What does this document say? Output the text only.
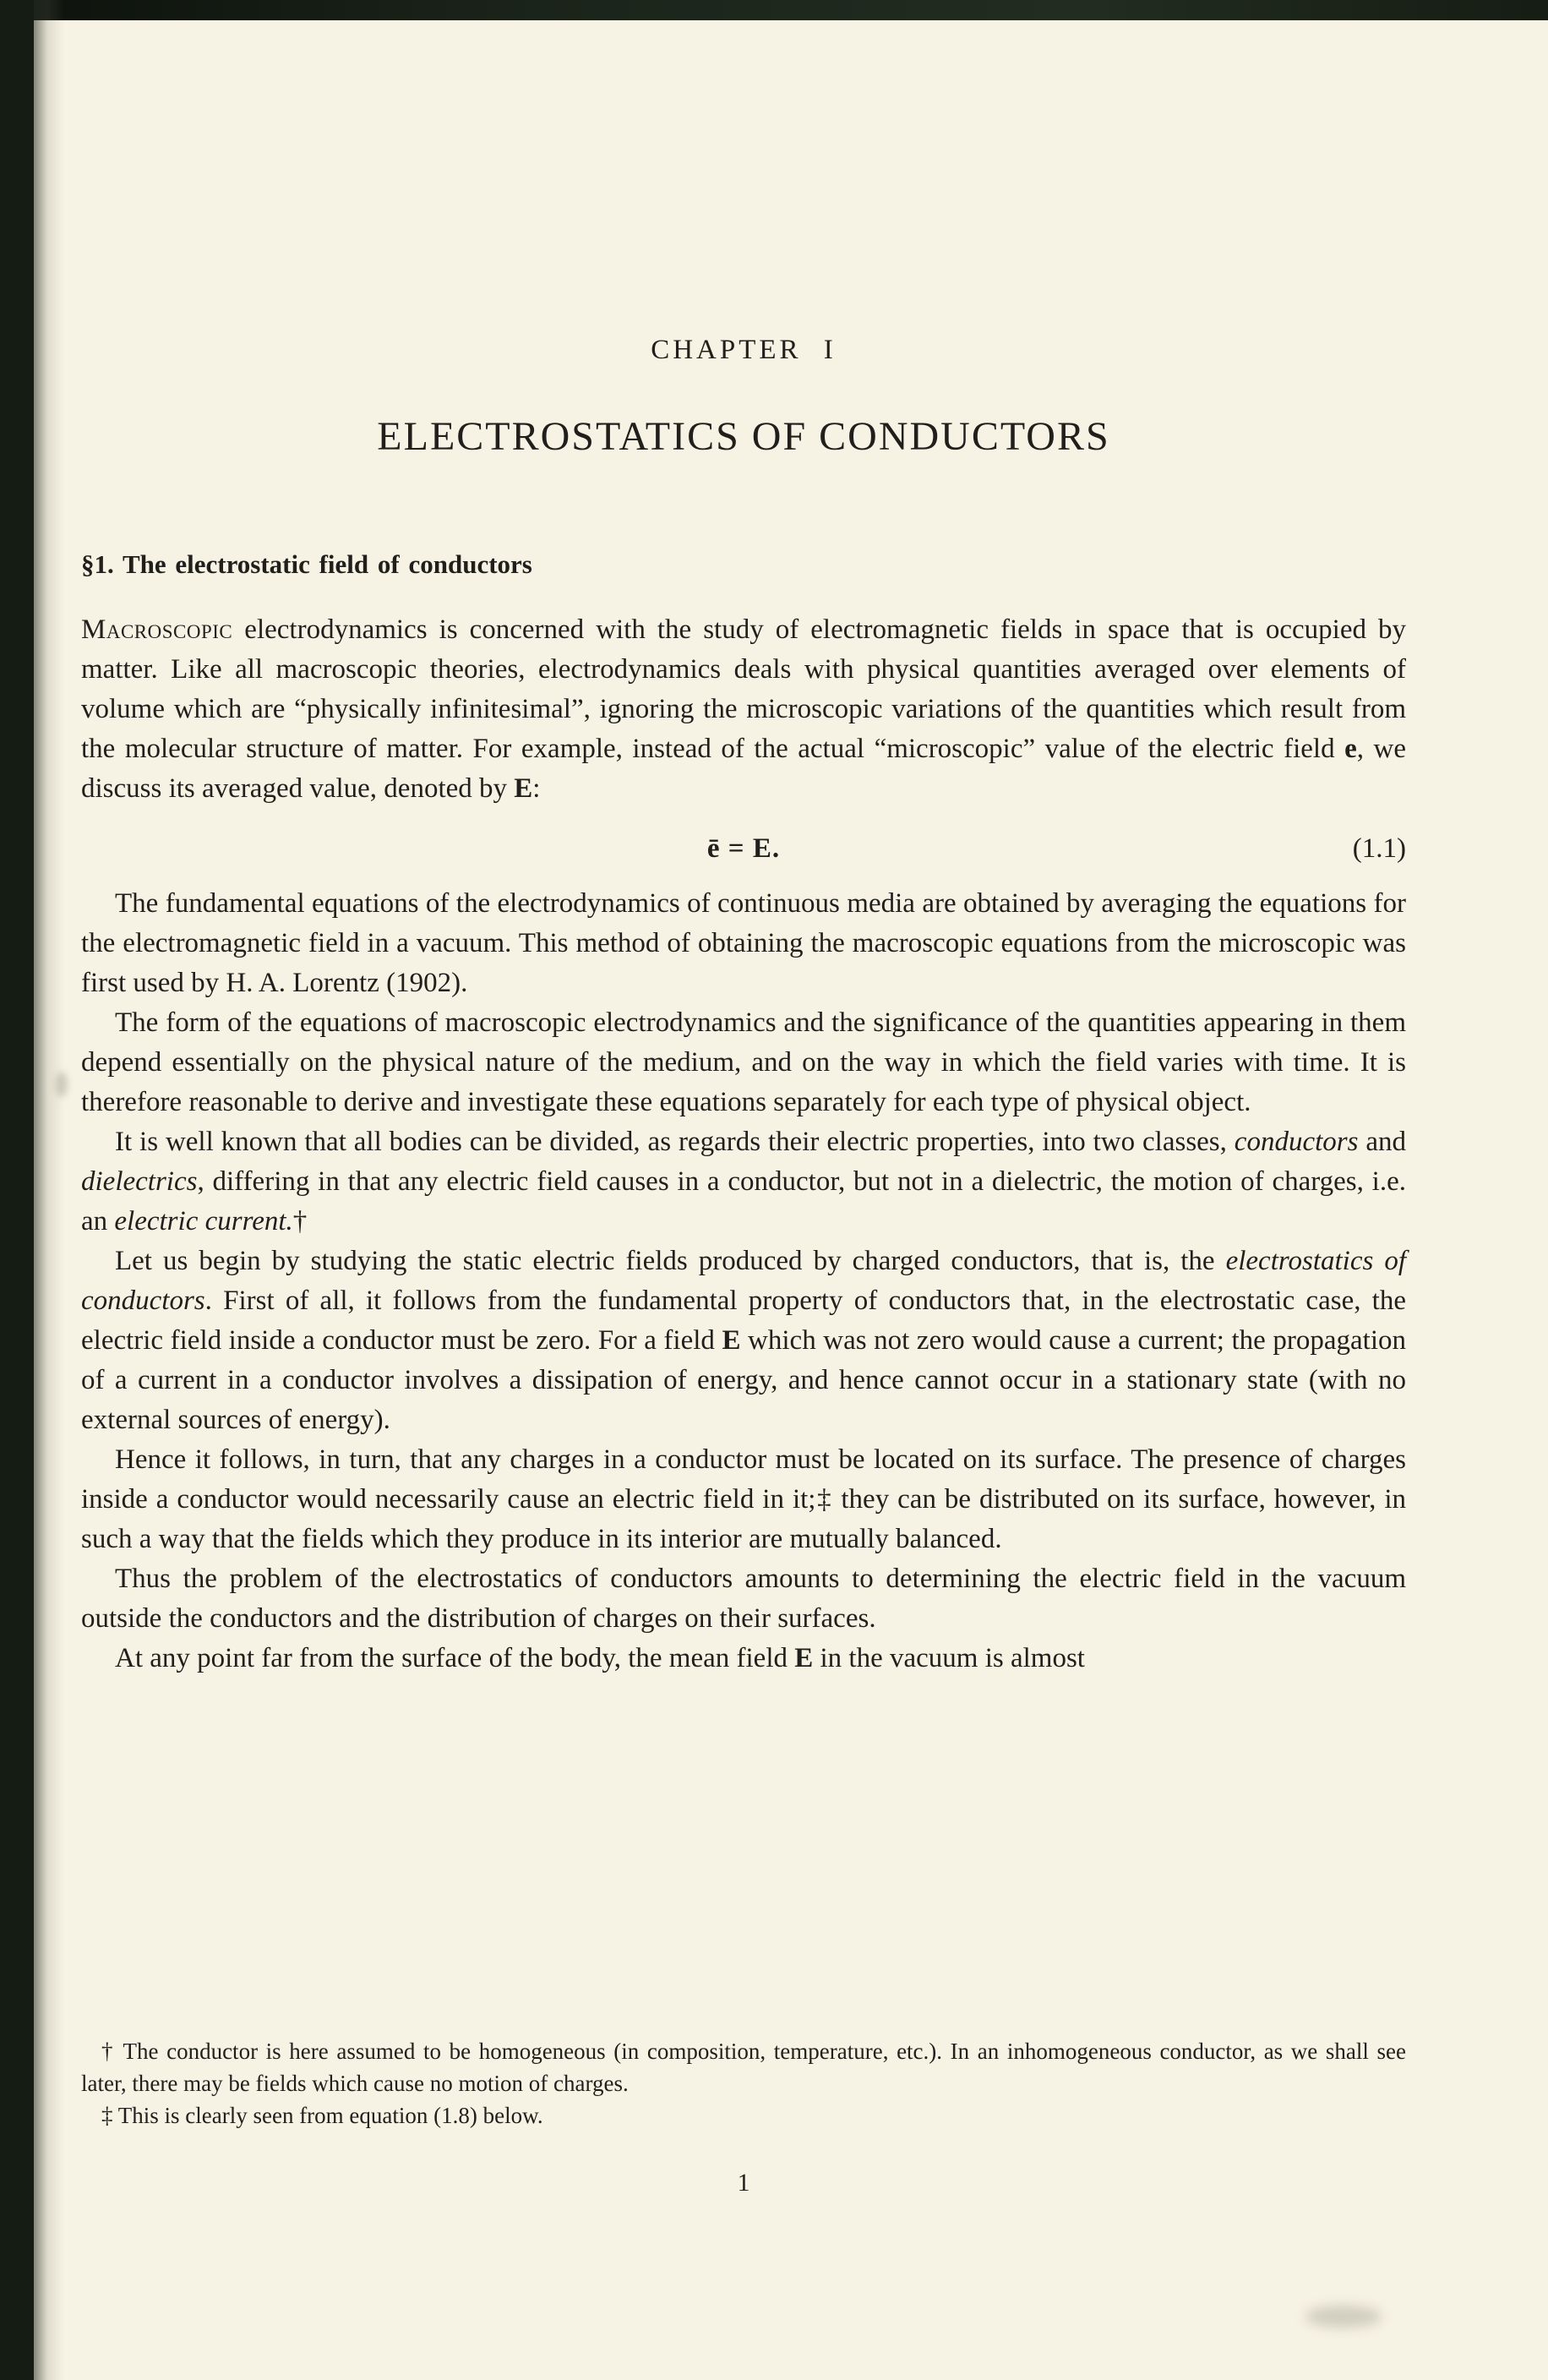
CHAPTER I
ELECTROSTATICS OF CONDUCTORS
§1. The electrostatic field of conductors

Macroscopic electrodynamics is concerned with the study of electromagnetic fields in space that is occupied by matter. Like all macroscopic theories, electrodynamics deals with physical quantities averaged over elements of volume which are “physically infinitesimal”, ignoring the microscopic variations of the quantities which result from the molecular structure of matter. For example, instead of the actual “microscopic” value of the electric field e, we discuss its averaged value, denoted by E:

ē = E.	(1.1)

The fundamental equations of the electrodynamics of continuous media are obtained by averaging the equations for the electromagnetic field in a vacuum. This method of obtaining the macroscopic equations from the microscopic was first used by H. A. Lorentz (1902).

The form of the equations of macroscopic electrodynamics and the significance of the quantities appearing in them depend essentially on the physical nature of the medium, and on the way in which the field varies with time. It is therefore reasonable to derive and investigate these equations separately for each type of physical object.

It is well known that all bodies can be divided, as regards their electric properties, into two classes, conductors and dielectrics, differing in that any electric field causes in a conductor, but not in a dielectric, the motion of charges, i.e. an electric current.†

Let us begin by studying the static electric fields produced by charged conductors, that is, the electrostatics of conductors. First of all, it follows from the fundamental property of conductors that, in the electrostatic case, the electric field inside a conductor must be zero. For a field E which was not zero would cause a current; the propagation of a current in a conductor involves a dissipation of energy, and hence cannot occur in a stationary state (with no external sources of energy).

Hence it follows, in turn, that any charges in a conductor must be located on its surface. The presence of charges inside a conductor would necessarily cause an electric field in it;‡ they can be distributed on its surface, however, in such a way that the fields which they produce in its interior are mutually balanced.

Thus the problem of the electrostatics of conductors amounts to determining the electric field in the vacuum outside the conductors and the distribution of charges on their surfaces.

At any point far from the surface of the body, the mean field E in the vacuum is almost

† The conductor is here assumed to be homogeneous (in composition, temperature, etc.). In an inhomogeneous conductor, as we shall see later, there may be fields which cause no motion of charges.

‡ This is clearly seen from equation (1.8) below.

1
